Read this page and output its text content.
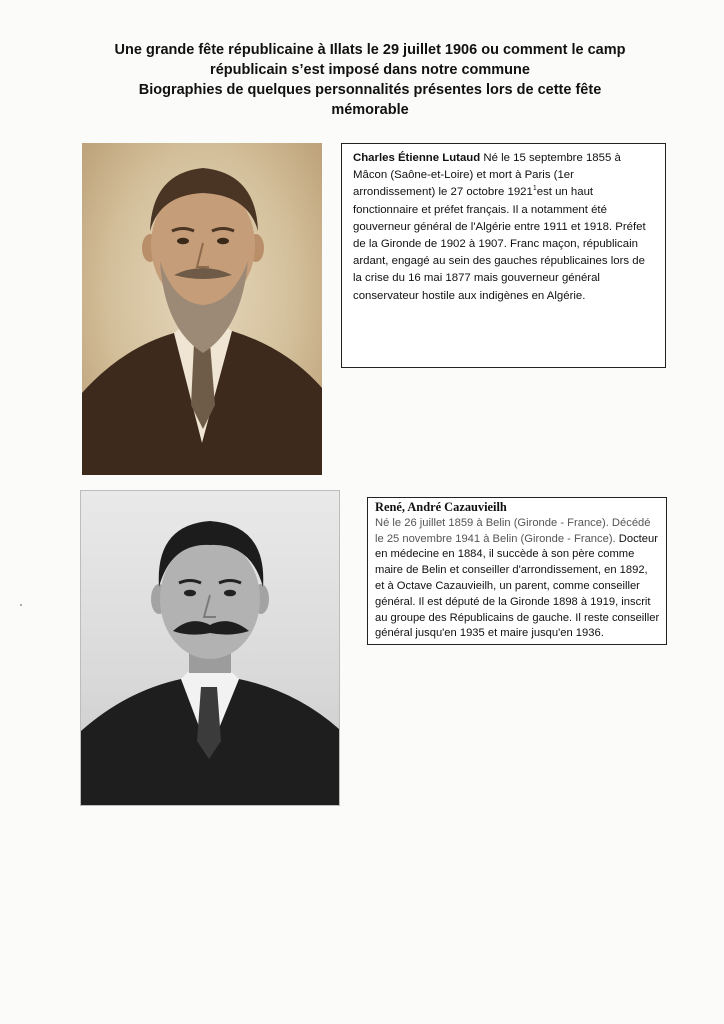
Une grande fête républicaine à Illats le 29 juillet 1906 ou comment le camp
républicain s’est imposé dans notre commune
Biographies de quelques personnalités présentes lors de cette fête
mémorable
Charles Étienne Lutaud Né le 15 septembre 1855 à Mâcon (Saône-et-Loire) et mort à Paris (1er arrondissement) le 27 octobre 1921$^1$est un haut fonctionnaire et préfet français. Il a notamment été gouverneur général de l'Algérie entre 1911 et 1918. Préfet de la Gironde de 1902 à 1907. Franc maçon, républicain ardant, engagé au sein des gauches républicaines lors de la crise du 16 mai 1877 mais gouverneur général conservateur hostile aux indigènes en Algérie.
René, André Cazauvieilh
Né le 26 juillet 1859 à Belin (Gironde - France). Décédé le 25 novembre 1941 à Belin (Gironde - France). Docteur en médecine en 1884, il succède à son père comme maire de Belin et conseiller d'arrondissement, en 1892, et à Octave Cazauvieilh, un parent, comme conseiller général. Il est député de la Gironde 1898 à 1919, inscrit au groupe des Républicains de gauche. Il reste conseiller général jusqu'en 1935 et maire jusqu'en 1936.
